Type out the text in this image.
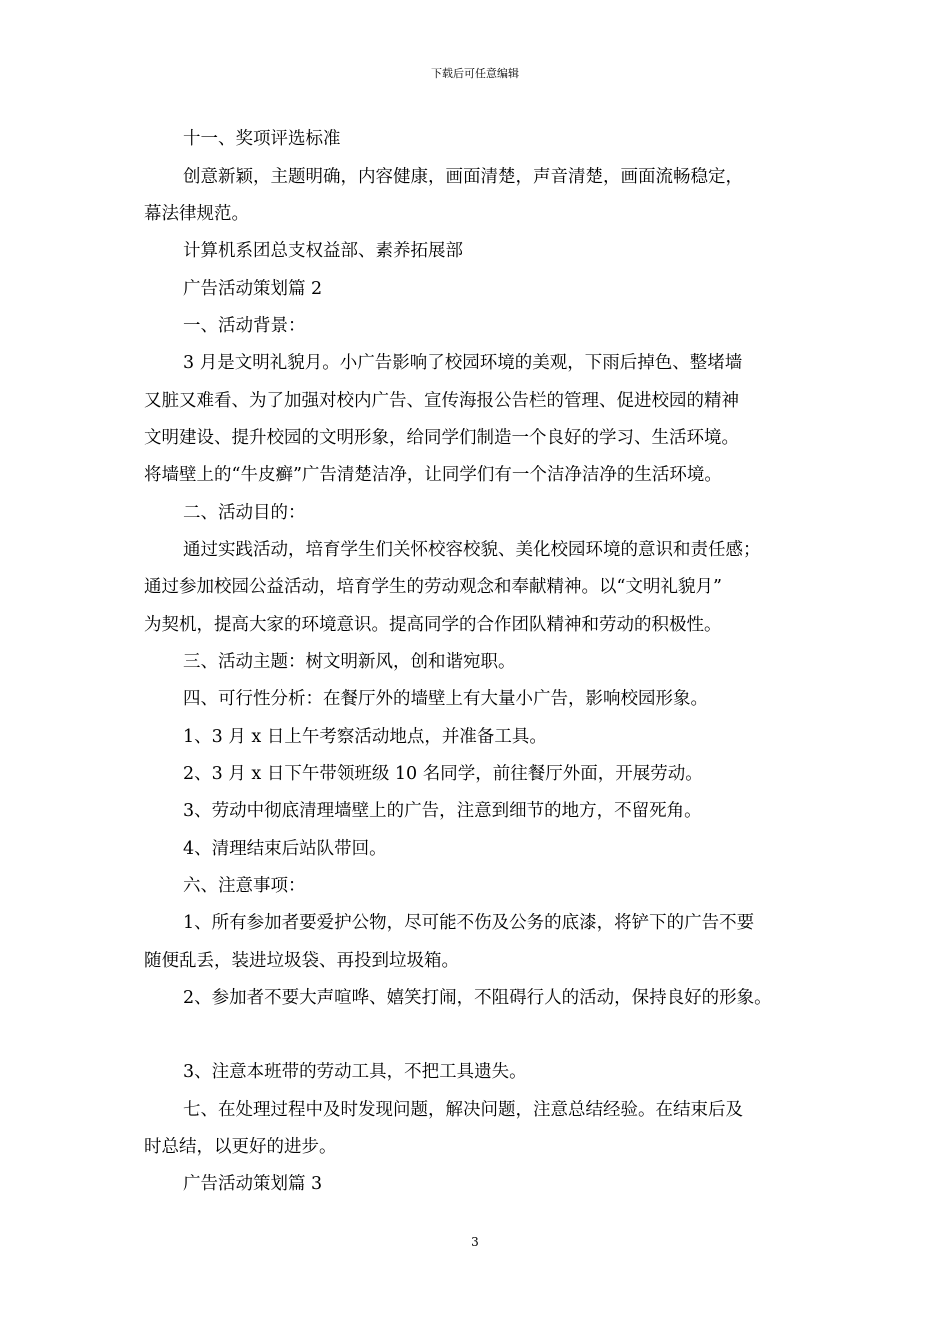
下载后可任意编辑
十一、奖项评选标准
创意新颖，主题明确，内容健康，画面清楚，声音清楚，画面流畅稳定，
幕法律规范。
计算机系团总支权益部、素养拓展部
广告活动策划篇 2
一、活动背景：
3 月是文明礼貌月。小广告影响了校园环境的美观，下雨后掉色、整堵墙
又脏又难看、为了加强对校内广告、宣传海报公告栏的管理、促进校园的精神
文明建设、提升校园的文明形象，给同学们制造一个良好的学习、生活环境。
将墙壁上的“牛皮癣”广告清楚洁净，让同学们有一个洁净洁净的生活环境。
二、活动目的：
通过实践活动，培育学生们关怀校容校貌、美化校园环境的意识和责任感；
通过参加校园公益活动，培育学生的劳动观念和奉献精神。以“文明礼貌月”
为契机，提高大家的环境意识。提高同学的合作团队精神和劳动的积极性。
三、活动主题：树文明新风，创和谐宛职。
四、可行性分析：在餐厅外的墙壁上有大量小广告，影响校园形象。
1、3 月 x 日上午考察活动地点，并准备工具。
2、3 月 x 日下午带领班级 10 名同学，前往餐厅外面，开展劳动。
3、劳动中彻底清理墙壁上的广告，注意到细节的地方，不留死角。
4、清理结束后站队带回。
六、注意事项：
1、所有参加者要爱护公物，尽可能不伤及公务的底漆，将铲下的广告不要
随便乱丢，装进垃圾袋、再投到垃圾箱。
2、参加者不要大声喧哗、嬉笑打闹，不阻碍行人的活动，保持良好的形象。
3、注意本班带的劳动工具，不把工具遗失。
七、在处理过程中及时发现问题，解决问题，注意总结经验。在结束后及
时总结，以更好的进步。
广告活动策划篇 3
3
